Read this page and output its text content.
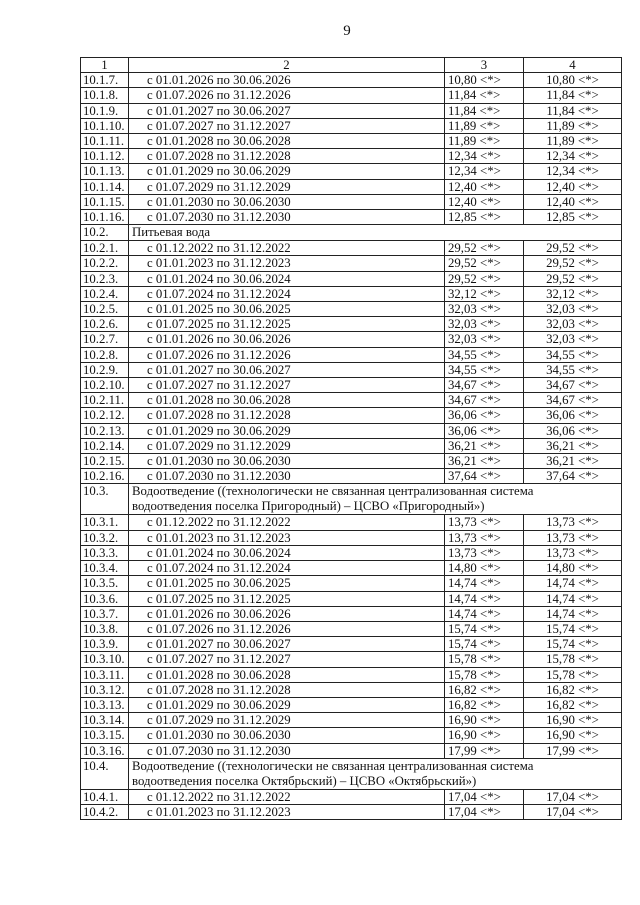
9
1	2	3	4
10.1.7.	с 01.01.2026 по 30.06.2026	10,80 <*>	10,80 <*>
10.1.8.	с 01.07.2026 по 31.12.2026	11,84 <*>	11,84 <*>
10.1.9.	с 01.01.2027 по 30.06.2027	11,84 <*>	11,84 <*>
10.1.10.	с 01.07.2027 по 31.12.2027	11,89 <*>	11,89 <*>
10.1.11.	с 01.01.2028 по 30.06.2028	11,89 <*>	11,89 <*>
10.1.12.	с 01.07.2028 по 31.12.2028	12,34 <*>	12,34 <*>
10.1.13.	с 01.01.2029 по 30.06.2029	12,34 <*>	12,34 <*>
10.1.14.	с 01.07.2029 по 31.12.2029	12,40 <*>	12,40 <*>
10.1.15.	с 01.01.2030 по 30.06.2030	12,40 <*>	12,40 <*>
10.1.16.	с 01.07.2030 по 31.12.2030	12,85 <*>	12,85 <*>
10.2.	Питьевая вода		
10.2.1.	с 01.12.2022 по 31.12.2022	29,52 <*>	29,52 <*>
10.2.2.	с 01.01.2023 по 31.12.2023	29,52 <*>	29,52 <*>
10.2.3.	с 01.01.2024 по 30.06.2024	29,52 <*>	29,52 <*>
10.2.4.	с 01.07.2024 по 31.12.2024	32,12 <*>	32,12 <*>
10.2.5.	с 01.01.2025 по 30.06.2025	32,03 <*>	32,03 <*>
10.2.6.	с 01.07.2025 по 31.12.2025	32,03 <*>	32,03 <*>
10.2.7.	с 01.01.2026 по 30.06.2026	32,03 <*>	32,03 <*>
10.2.8.	с 01.07.2026 по 31.12.2026	34,55 <*>	34,55 <*>
10.2.9.	с 01.01.2027 по 30.06.2027	34,55 <*>	34,55 <*>
10.2.10.	с 01.07.2027 по 31.12.2027	34,67 <*>	34,67 <*>
10.2.11.	с 01.01.2028 по 30.06.2028	34,67 <*>	34,67 <*>
10.2.12.	с 01.07.2028 по 31.12.2028	36,06 <*>	36,06 <*>
10.2.13.	с 01.01.2029 по 30.06.2029	36,06 <*>	36,06 <*>
10.2.14.	с 01.07.2029 по 31.12.2029	36,21 <*>	36,21 <*>
10.2.15.	с 01.01.2030 по 30.06.2030	36,21 <*>	36,21 <*>
10.2.16.	с 01.07.2030 по 31.12.2030	37,64 <*>	37,64 <*>
10.3.	Водоотведение ((технологически не связанная централизованная система водоотведения поселка Пригородный) – ЦСВО «Пригородный»)		
10.3.1.	с 01.12.2022 по 31.12.2022	13,73 <*>	13,73 <*>
10.3.2.	с 01.01.2023 по 31.12.2023	13,73 <*>	13,73 <*>
10.3.3.	с 01.01.2024 по 30.06.2024	13,73 <*>	13,73 <*>
10.3.4.	с 01.07.2024 по 31.12.2024	14,80 <*>	14,80 <*>
10.3.5.	с 01.01.2025 по 30.06.2025	14,74 <*>	14,74 <*>
10.3.6.	с 01.07.2025 по 31.12.2025	14,74 <*>	14,74 <*>
10.3.7.	с 01.01.2026 по 30.06.2026	14,74 <*>	14,74 <*>
10.3.8.	с 01.07.2026 по 31.12.2026	15,74 <*>	15,74 <*>
10.3.9.	с 01.01.2027 по 30.06.2027	15,74 <*>	15,74 <*>
10.3.10.	с 01.07.2027 по 31.12.2027	15,78 <*>	15,78 <*>
10.3.11.	с 01.01.2028 по 30.06.2028	15,78 <*>	15,78 <*>
10.3.12.	с 01.07.2028 по 31.12.2028	16,82 <*>	16,82 <*>
10.3.13.	с 01.01.2029 по 30.06.2029	16,82 <*>	16,82 <*>
10.3.14.	с 01.07.2029 по 31.12.2029	16,90 <*>	16,90 <*>
10.3.15.	с 01.01.2030 по 30.06.2030	16,90 <*>	16,90 <*>
10.3.16.	с 01.07.2030 по 31.12.2030	17,99 <*>	17,99 <*>
10.4.	Водоотведение ((технологически не связанная централизованная система водоотведения поселка Октябрьский) – ЦСВО «Октябрьский»)		
10.4.1.	с 01.12.2022 по 31.12.2022	17,04 <*>	17,04 <*>
10.4.2.	с 01.01.2023 по 31.12.2023	17,04 <*>	17,04 <*>
